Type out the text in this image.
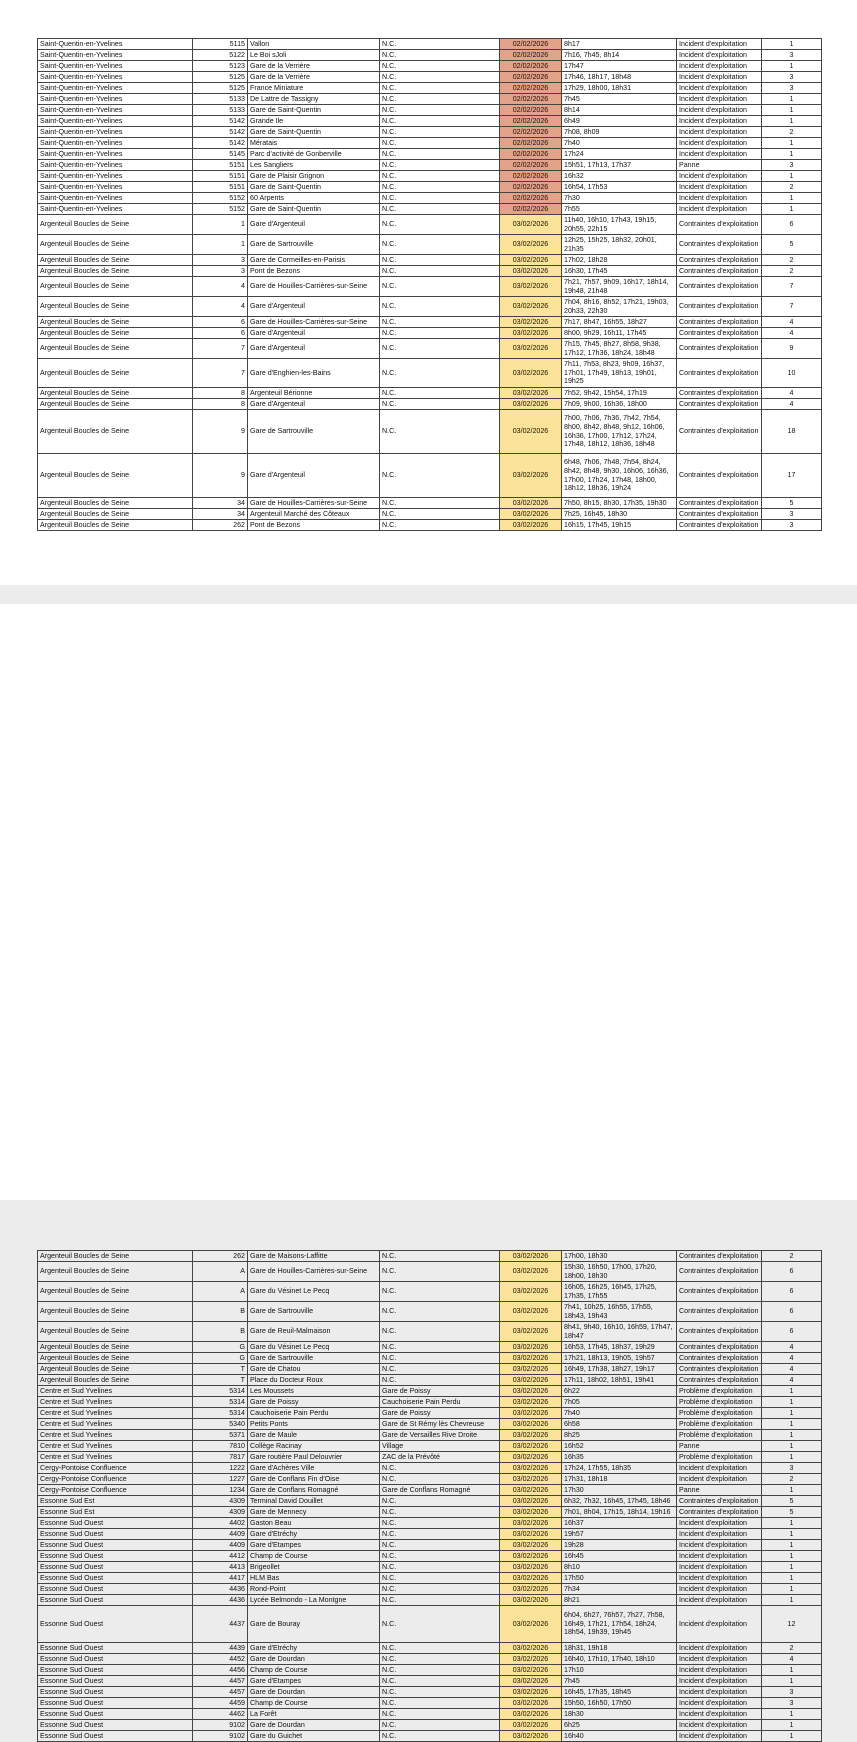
Saint-Quentin-en-Yvelines	5115	Vallon	N.C.	02/02/2026	8h17	Incident d'exploitation	1
Saint-Quentin-en-Yvelines	5122	Le Boi sJoli	N.C.	02/02/2026	7h16, 7h45, 8h14	Incident d'exploitation	3
Saint-Quentin-en-Yvelines	5123	Gare de la Verrière	N.C.	02/02/2026	17h47	Incident d'exploitation	1
Saint-Quentin-en-Yvelines	5125	Gare de la Verrière	N.C.	02/02/2026	17h46, 18h17, 18h48	Incident d'exploitation	3
Saint-Quentin-en-Yvelines	5125	France Miniature	N.C.	02/02/2026	17h29, 18h00, 18h31	Incident d'exploitation	3
Saint-Quentin-en-Yvelines	5133	De Lattre de Tassigny	N.C.	02/02/2026	7h45	Incident d'exploitation	1
Saint-Quentin-en-Yvelines	5133	Gare de Saint-Quentin	N.C.	02/02/2026	8h14	Incident d'exploitation	1
Saint-Quentin-en-Yvelines	5142	Grande Ile	N.C.	02/02/2026	6h49	Incident d'exploitation	1
Saint-Quentin-en-Yvelines	5142	Gare de Saint-Quentin	N.C.	02/02/2026	7h08, 8h09	Incident d'exploitation	2
Saint-Quentin-en-Yvelines	5142	Mératais	N.C.	02/02/2026	7h40	Incident d'exploitation	1
Saint-Quentin-en-Yvelines	5145	Parc d'activité de Gonberville	N.C.	02/02/2026	17h24	Incident d'exploitation	1
Saint-Quentin-en-Yvelines	5151	Les Sangliers	N.C.	02/02/2026	15h51, 17h13, 17h37	Panne	3
Saint-Quentin-en-Yvelines	5151	Gare de Plaisir Grignon	N.C.	02/02/2026	16h32	Incident d'exploitation	1
Saint-Quentin-en-Yvelines	5151	Gare de Saint-Quentin	N.C.	02/02/2026	16h54, 17h53	Incident d'exploitation	2
Saint-Quentin-en-Yvelines	5152	60 Arpents	N.C.	02/02/2026	7h30	Incident d'exploitation	1
Saint-Quentin-en-Yvelines	5152	Gare de Saint-Quentin	N.C.	02/02/2026	7h55	Incident d'exploitation	1
Argenteuil Boucles de Seine	1	Gare d'Argenteuil	N.C.	03/02/2026	11h40, 16h10, 17h43, 19h15, 20h55, 22h15	Contraintes d'exploitation	6
Argenteuil Boucles de Seine	1	Gare de Sartrouville	N.C.	03/02/2026	12h25, 15h25, 18h32, 20h01, 21h35	Contraintes d'exploitation	5
Argenteuil Boucles de Seine	3	Gare de Cormeilles-en-Parisis	N.C.	03/02/2026	17h02, 18h28	Contraintes d'exploitation	2
Argenteuil Boucles de Seine	3	Pont de Bezons	N.C.	03/02/2026	16h30, 17h45	Contraintes d'exploitation	2
Argenteuil Boucles de Seine	4	Gare de Houilles-Carrières-sur-Seine	N.C.	03/02/2026	7h21, 7h57, 9h09, 16h17, 18h14, 19h48, 21h48	Contraintes d'exploitation	7
Argenteuil Boucles de Seine	4	Gare d'Argenteuil	N.C.	03/02/2026	7h04, 8h16, 8h52, 17h21, 19h03, 20h33, 22h30	Contraintes d'exploitation	7
Argenteuil Boucles de Seine	6	Gare de Houilles-Carrières-sur-Seine	N.C.	03/02/2026	7h17, 8h47, 16h55, 18h27	Contraintes d'exploitation	4
Argenteuil Boucles de Seine	6	Gare d'Argenteuil	N.C.	03/02/2026	8h00, 9h29, 16h11, 17h45	Contraintes d'exploitation	4
Argenteuil Boucles de Seine	7	Gare d'Argenteuil	N.C.	03/02/2026	7h15, 7h45, 8h27, 8h58, 9h38, 17h12, 17h36, 18h24, 18h48	Contraintes d'exploitation	9
Argenteuil Boucles de Seine	7	Gare d'Enghien-les-Bains	N.C.	03/02/2026	7h11, 7h53, 8h23, 9h09, 16h37, 17h01, 17h49, 18h13, 19h01, 19h25	Contraintes d'exploitation	10
Argenteuil Boucles de Seine	8	Argenteuil Bérionne	N.C.	03/02/2026	7h52, 9h42, 15h54, 17h19	Contraintes d'exploitation	4
Argenteuil Boucles de Seine	8	Gare d'Argenteuil	N.C.	03/02/2026	7h09, 9h00, 16h36, 18h00	Contraintes d'exploitation	4
Argenteuil Boucles de Seine	9	Gare de Sartrouville	N.C.	03/02/2026	7h00, 7h06, 7h36, 7h42, 7h54, 8h00, 8h42, 8h48, 9h12, 16h06, 16h36, 17h00, 17h12, 17h24, 17h48, 18h12, 18h36, 18h48	Contraintes d'exploitation	18
Argenteuil Boucles de Seine	9	Gare d'Argenteuil	N.C.	03/02/2026	6h48, 7h06, 7h48, 7h54, 8h24, 8h42, 8h48, 9h30, 16h06, 16h36, 17h00, 17h24, 17h48, 18h00, 18h12, 18h36, 19h24	Contraintes d'exploitation	17
Argenteuil Boucles de Seine	34	Gare de Houilles-Carrières-sur-Seine	N.C.	03/02/2026	7h50, 8h15, 8h30, 17h35, 19h30	Contraintes d'exploitation	5
Argenteuil Boucles de Seine	34	Argenteuil Marché des Côteaux	N.C.	03/02/2026	7h25, 16h45, 18h30	Contraintes d'exploitation	3
Argenteuil Boucles de Seine	262	Pont de Bezons	N.C.	03/02/2026	16h15, 17h45, 19h15	Contraintes d'exploitation	3
Argenteuil Boucles de Seine	262	Gare de Maisons-Laffitte	N.C.	03/02/2026	17h00, 18h30	Contraintes d'exploitation	2
Argenteuil Boucles de Seine	A	Gare de Houilles-Carrières-sur-Seine	N.C.	03/02/2026	15h30, 16h50, 17h00, 17h20, 18h00, 18h30	Contraintes d'exploitation	6
Argenteuil Boucles de Seine	A	Gare du Vésinet Le Pecq	N.C.	03/02/2026	16h05, 16h25, 16h45, 17h25, 17h35, 17h55	Contraintes d'exploitation	6
Argenteuil Boucles de Seine	B	Gare de Sartrouville	N.C.	03/02/2026	7h41, 10h25, 16h55, 17h55, 18h43, 19h43	Contraintes d'exploitation	6
Argenteuil Boucles de Seine	B	Gare de Reuil-Malmaison	N.C.	03/02/2026	8h41, 9h40, 16h10, 16h59, 17h47, 18h47	Contraintes d'exploitation	6
Argenteuil Boucles de Seine	G	Gare du Vésinet Le Pecq	N.C.	03/02/2026	16h53, 17h45, 18h37, 19h29	Contraintes d'exploitation	4
Argenteuil Boucles de Seine	G	Gare de Sartrouville	N.C.	03/02/2026	17h21, 18h13, 19h05, 19h57	Contraintes d'exploitation	4
Argenteuil Boucles de Seine	T	Gare de Chatou	N.C.	03/02/2026	16h49, 17h38, 18h27, 19h17	Contraintes d'exploitation	4
Argenteuil Boucles de Seine	T	Place du Docteur Roux	N.C.	03/02/2026	17h11, 18h02, 18h51, 19h41	Contraintes d'exploitation	4
Centre et Sud Yvelines	5314	Les Moussets	Gare de Poissy	03/02/2026	6h22	Problème d'exploitation	1
Centre et Sud Yvelines	5314	Gare de Poissy	Cauchoiserie Pain Perdu	03/02/2026	7h05	Problème d'exploitation	1
Centre et Sud Yvelines	5314	Cauchoiserie Pain Perdu	Gare de Poissy	03/02/2026	7h40	Problème d'exploitation	1
Centre et Sud Yvelines	5340	Petits Ponts	Gare de St Rémy lès Chevreuse	03/02/2026	6h58	Problème d'exploitation	1
Centre et Sud Yvelines	5371	Gare de Maule	Gare de Versailles Rive Droite	03/02/2026	8h25	Problème d'exploitation	1
Centre et Sud Yvelines	7810	Collège Racinay	Village	03/02/2026	16h52	Panne	1
Centre et Sud Yvelines	7817	Gare routière Paul Delouvrier	ZAC de la Prévôté	03/02/2026	16h35	Problème d'exploitation	1
Cergy-Pontoise Confluence	1222	Gare d'Achères Ville	N.C.	03/02/2026	17h24, 17h55, 18h35	Incident d'exploitation	3
Cergy-Pontoise Confluence	1227	Gare de Conflans Fin d'Oise	N.C.	03/02/2026	17h31, 18h18	Incident d'exploitation	2
Cergy-Pontoise Confluence	1234	Gare de Conflans Romagné	Gare de Conflans Romagné	03/02/2026	17h30	Panne	1
Essonne Sud Est	4309	Terminal David Douillet	N.C.	03/02/2026	6h32, 7h32, 16h45, 17h45, 18h46	Contraintes d'exploitation	5
Essonne Sud Est	4309	Gare de Mennecy	N.C.	03/02/2026	7h01, 8h04, 17h15, 18h14, 19h16	Contraintes d'exploitation	5
Essonne Sud Ouest	4402	Gaston Beau	N.C.	03/02/2026	16h37	Incident d'exploitation	1
Essonne Sud Ouest	4409	Gare d'Etréchy	N.C.	03/02/2026	19h57	Incident d'exploitation	1
Essonne Sud Ouest	4409	Gare d'Etampes	N.C.	03/02/2026	19h28	Incident d'exploitation	1
Essonne Sud Ouest	4412	Champ de Course	N.C.	03/02/2026	16h45	Incident d'exploitation	1
Essonne Sud Ouest	4413	Brigeollet	N.C.	03/02/2026	8h10	Incident d'exploitation	1
Essonne Sud Ouest	4417	HLM Bas	N.C.	03/02/2026	17h50	Incident d'exploitation	1
Essonne Sud Ouest	4436	Rond-Point	N.C.	03/02/2026	7h34	Incident d'exploitation	1
Essonne Sud Ouest	4436	Lycée Belmondo - La Montgne	N.C.	03/02/2026	8h21	Incident d'exploitation	1
Essonne Sud Ouest	4437	Gare de Bouray	N.C.	03/02/2026	6h04, 6h27, 76h57, 7h27, 7h58, 16h49, 17h21, 17h54, 18h24, 18h54, 19h39, 19h45	Incident d'exploitation	12
Essonne Sud Ouest	4439	Gare d'Etréchy	N.C.	03/02/2026	18h31, 19h18	Incident d'exploitation	2
Essonne Sud Ouest	4452	Gare de Dourdan	N.C.	03/02/2026	16h40, 17h10, 17h40, 18h10	Incident d'exploitation	4
Essonne Sud Ouest	4456	Champ de Course	N.C.	03/02/2026	17h10	Incident d'exploitation	1
Essonne Sud Ouest	4457	Gare d'Etampes	N.C.	03/02/2026	7h45	Incident d'exploitation	1
Essonne Sud Ouest	4457	Gare de Dourdan	N.C.	03/02/2026	16h45, 17h35, 18h45	Incident d'exploitation	3
Essonne Sud Ouest	4459	Champ de Course	N.C.	03/02/2026	15h50, 16h50, 17h50	Incident d'exploitation	3
Essonne Sud Ouest	4462	La Forêt	N.C.	03/02/2026	18h30	Incident d'exploitation	1
Essonne Sud Ouest	9102	Gare de Dourdan	N.C.	03/02/2026	6h25	Incident d'exploitation	1
Essonne Sud Ouest	9102	Gare du Guichet	N.C.	03/02/2026	16h40	Incident d'exploitation	1
